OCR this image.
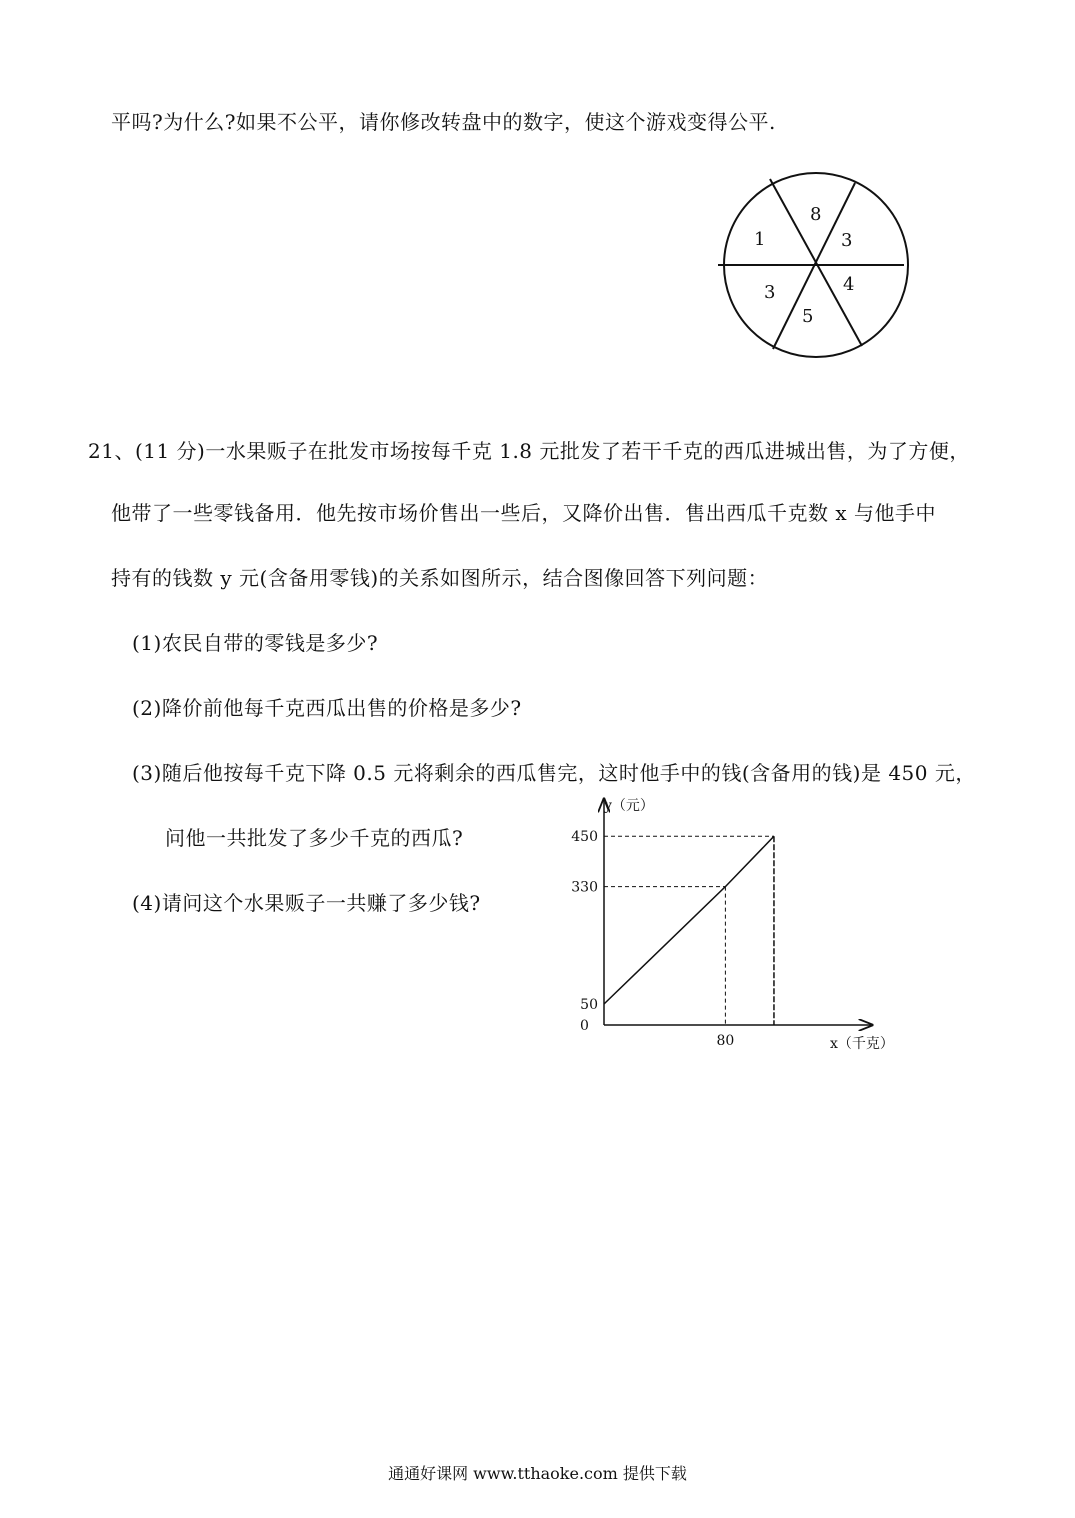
平吗?为什么?如果不公平，请你修改转盘中的数字，使这个游戏变得公平.
8
3
4
5
3
1
21、(11 分)一水果贩子在批发市场按每千克 1.8 元批发了若干千克的西瓜进城出售，为了方便，
他带了一些零钱备用．他先按市场价售出一些后，又降价出售．售出西瓜千克数 x 与他手中
持有的钱数 y 元(含备用零钱)的关系如图所示，结合图像回答下列问题：
(1)农民自带的零钱是多少?
(2)降价前他每千克西瓜出售的价格是多少?
(3)随后他按每千克下降 0.5 元将剩余的西瓜售完，这时他手中的钱(含备用的钱)是 450 元，
问他一共批发了多少千克的西瓜?
(4)请问这个水果贩子一共赚了多少钱?
y（元）
x（千克）
0
450
330
50
80
通通好课网 www.tthaoke.com 提供下载
